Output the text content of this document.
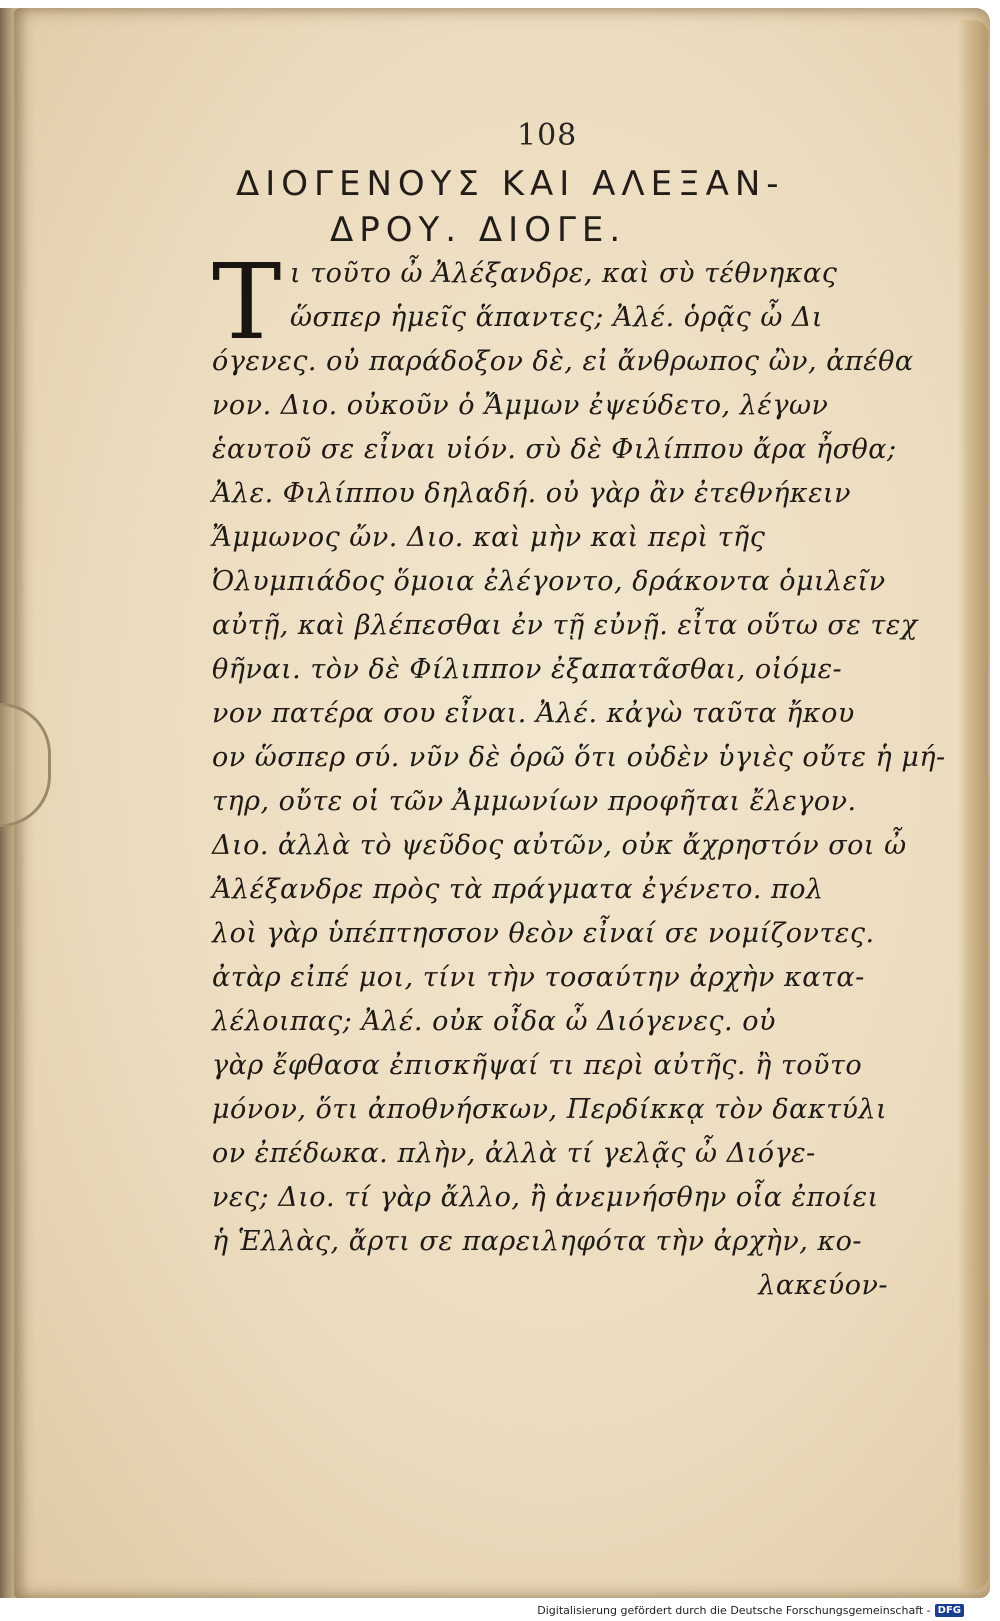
108
ΔΙΟΓΕΝΟΥΣ ΚΑΙ ΑΛΕΞΑΝ-
ΔΡΟΥ. ΔΙΟΓΕ.
T ι τοῦτο ὦ Ἀλέξανδρε, καὶ σὺ τέθνηκας
ὥσπερ ἡμεῖς ἅπαντες; Ἀλέ. ὁρᾷς ὦ Δι
όγενες. οὐ παράδοξον δὲ, εἰ ἄνθρωπος ὢν, ἀπέθα
νον. Διο. οὐκοῦν ὁ Ἄμμων ἐψεύδετο, λέγων
ἑαυτοῦ σε εἶναι υἱόν. σὺ δὲ Φιλίππου ἄρα ἦσθα;
Ἀλε. Φιλίππου δηλαδή. οὐ γὰρ ἂν ἐτεθνήκειν
Ἄμμωνος ὤν. Διο. καὶ μὴν καὶ περὶ τῆς
Ὀλυμπιάδος ὅμοια ἐλέγοντο, δράκοντα ὁμιλεῖν
αὐτῇ, καὶ βλέπεσθαι ἐν τῇ εὐνῇ. εἶτα οὕτω σε τεχ
θῆναι. τὸν δὲ Φίλιππον ἐξαπατᾶσθαι, οἰόμε-
νον πατέρα σου εἶναι. Ἀλέ. κἀγὼ ταῦτα ἤκου
ον ὥσπερ σύ. νῦν δὲ ὁρῶ ὅτι οὐδὲν ὑγιὲς οὔτε ἡ μή-
τηρ, οὔτε οἱ τῶν Ἀμμωνίων προφῆται ἔλεγον.
Διο. ἀλλὰ τὸ ψεῦδος αὐτῶν, οὐκ ἄχρηστόν σοι ὦ
Ἀλέξανδρε πρὸς τὰ πράγματα ἐγένετο. πολ
λοὶ γὰρ ὑπέπτησσον θεὸν εἶναί σε νομίζοντες.
ἀτὰρ εἰπέ μοι, τίνι τὴν τοσαύτην ἀρχὴν κατα-
λέλοιπας; Ἀλέ. οὐκ οἶδα ὦ Διόγενες. οὐ
γὰρ ἔφθασα ἐπισκῆψαί τι περὶ αὐτῆς. ἢ τοῦτο
μόνον, ὅτι ἀποθνήσκων, Περδίκκᾳ τὸν δακτύλι
ον ἐπέδωκα. πλὴν, ἀλλὰ τί γελᾷς ὦ Διόγε-
νες; Διο. τί γὰρ ἄλλο, ἢ ἀνεμνήσθην οἷα ἐποίει
ἡ Ἑλλὰς, ἄρτι σε παρειληφότα τὴν ἀρχὴν, κο-
λακεύον-
Digitalisierung gefördert durch die Deutsche Forschungsgemeinschaft - DFG
